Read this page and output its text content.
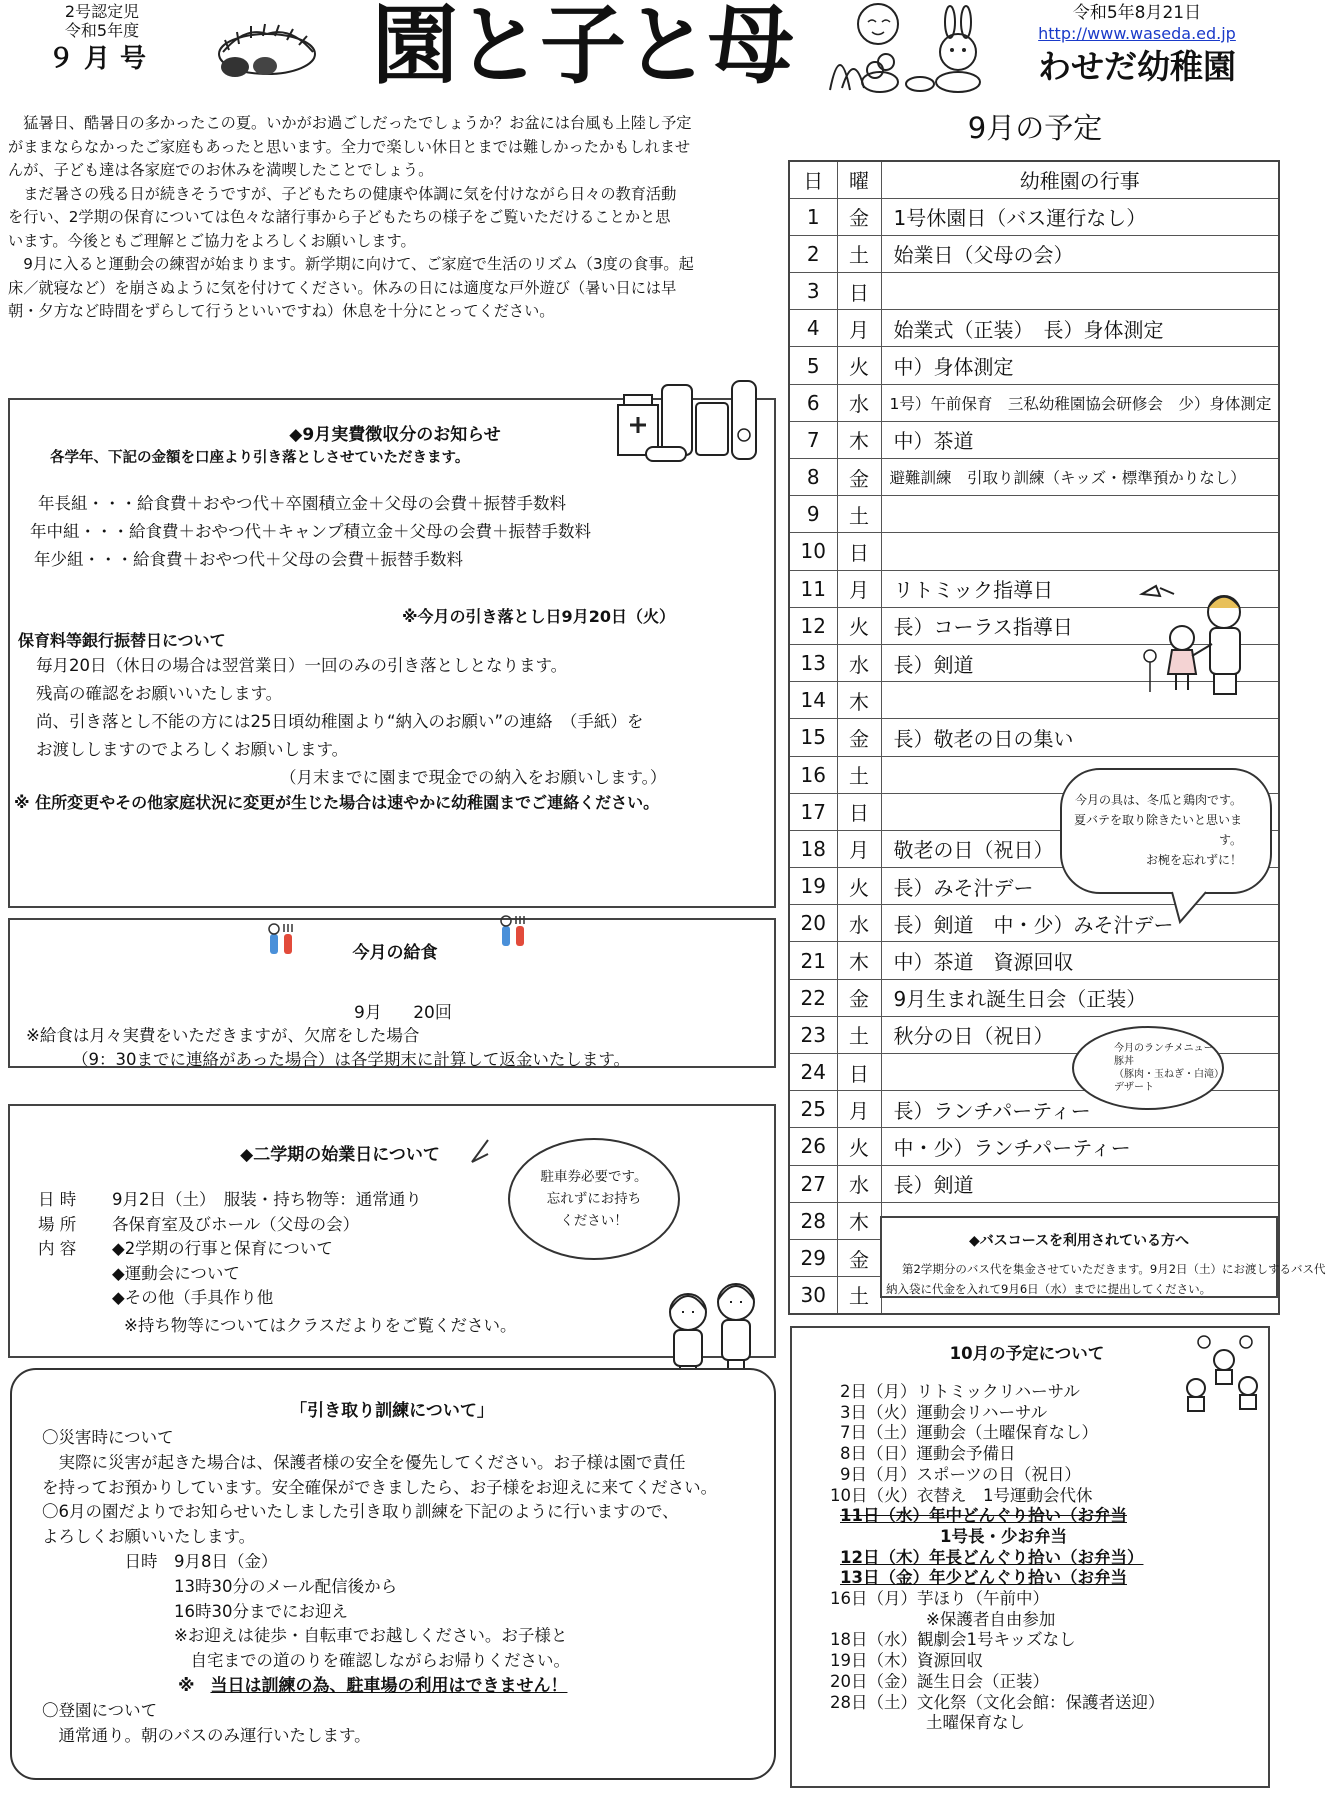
2号認定児
令和5年度
９月号	園と子と母	令和5年8月21日
http://www.waseda.ed.jp
わせだ幼稚園
　猛暑日、酷暑日の多かったこの夏。いかがお過ごしだったでしょうか？お盆には台風も上陸し予定
がままならなかったご家庭もあったと思います。全力で楽しい休日とまでは難しかったかもしれませ
んが、子ども達は各家庭でのお休みを満喫したことでしょう。
　まだ暑さの残る日が続きそうですが、子どもたちの健康や体調に気を付けながら日々の教育活動
を行い、2学期の保育については色々な諸行事から子どもたちの様子をご覧いただけることかと思
います。今後ともご理解とご協力をよろしくお願いします。
　9月に入ると運動会の練習が始まります。新学期に向けて、ご家庭で生活のリズム（3度の食事。起
床／就寝など）を崩さぬように気を付けてください。休みの日には適度な戸外遊び（暑い日には早
朝・夕方など時間をずらして行うといいですね）休息を十分にとってください。
◆9月実費徴収分のお知らせ
各学年、下記の金額を口座より引き落としさせていただきます。
年長組・・・給食費＋おやつ代＋卒園積立金＋父母の会費＋振替手数料
年中組・・・給食費＋おやつ代＋キャンプ積立金＋父母の会費＋振替手数料
年少組・・・給食費＋おやつ代＋父母の会費＋振替手数料
※今月の引き落とし日9月20日（火）
保育料等銀行振替日について
毎月20日（休日の場合は翌営業日）一回のみの引き落としとなります。
残高の確認をお願いいたします。
尚、引き落とし不能の方には25日頃幼稚園より“納入のお願い”の連絡　（手紙）を
お渡ししますのでよろしくお願いします。
（月末までに園まで現金での納入をお願いします。）
※ 住所変更やその他家庭状況に変更が生じた場合は速やかに幼稚園までご連絡ください。
今月の給食
9月 20回
※給食は月々実費をいただきますが、欠席をした場合
（9：30までに連絡があった場合）は各学期末に計算して返金いたします。
◆二学期の始業日について
日 時	9月2日（土）　服装・持ち物等：通常通り
場 所	各保育室及びホール（父母の会）
内 容	◆2学期の行事と保育について
◆運動会について
◆その他（手具作り他
※持ち物等についてはクラスだよりをご覧ください。
駐車券必要です。
忘れずにお持ち
ください！
「引き取り訓練について」
〇災害時について
　実際に災害が起きた場合は、保護者様の安全を優先してください。お子様は園で責任
を持ってお預かりしています。安全確保ができましたら、お子様をお迎えに来てください。
〇6月の園だよりでお知らせいたしました引き取り訓練を下記のように行いますので、
よろしくお願いいたします。
　　　　　日時　9月8日（金）
　　　　　　　　13時30分のメール配信後から
　　　　　　　　16時30分までにお迎え
　　　　　　　　※お迎えは徒歩・自転車でお越しください。お子様と
　　　　　　　　　自宅までの道のりを確認しながらお帰りください。
※ 当日は訓練の為、駐車場の利用はできません！
〇登園について
　通常通り。朝のバスのみ運行いたします。
9月の予定
日	曜	幼稚園の行事
1	金	1号休園日（バス運行なし）
2	土	始業日（父母の会）
3	日	
4	月	始業式（正装）　長）身体測定
5	火	中）身体測定
6	水	1号）午前保育　三私幼稚園協会研修会　少）身体測定
7	木	中）茶道
8	金	避難訓練　引取り訓練（キッズ・標準預かりなし）
9	土	
10	日	
11	月	リトミック指導日
12	火	長）コーラス指導日
13	水	長）剣道
14	木	
15	金	長）敬老の日の集い
16	土	
17	日	
18	月	敬老の日（祝日）
19	火	長）みそ汁デー
20	水	長）剣道　中・少）みそ汁デー
21	木	中）茶道　資源回収
22	金	9月生まれ誕生日会（正装）
23	土	秋分の日（祝日）
24	日	
25	月	長）ランチパーティー
26	火	中・少）ランチパーティー
27	水	長）剣道
28	木	
29	金	
30	土	
今月の具は、冬瓜と鶏肉です。
夏バテを取り除きたいと思います。
お椀を忘れずに！
今月のランチメニュー
豚丼
（豚肉・玉ねぎ・白滝）
デザート
◆バスコースを利用されている方へ
第2学期分のバス代を集金させていただきます。9月2日（土）にお渡しするバス代
納入袋に代金を入れて9月6日（水）までに提出してください。
10月の予定について
2日（月）リトミックリハーサル
3日（火）運動会リハーサル
7日（土）運動会（土曜保育なし）
8日（日）運動会予備日
9日（月）スポーツの日（祝日）
10日（火）衣替え　1号運動会代休
11日（水）年中どんぐり拾い（お弁当
1号長・少お弁当
12日（木）年長どんぐり拾い（お弁当）
13日（金）年少どんぐり拾い（お弁当
16日（月）芋ほり（午前中）
※保護者自由参加
18日（水）観劇会1号キッズなし
19日（木）資源回収
20日（金）誕生日会（正装）
28日（土）文化祭（文化会館：保護者送迎）
土曜保育なし
